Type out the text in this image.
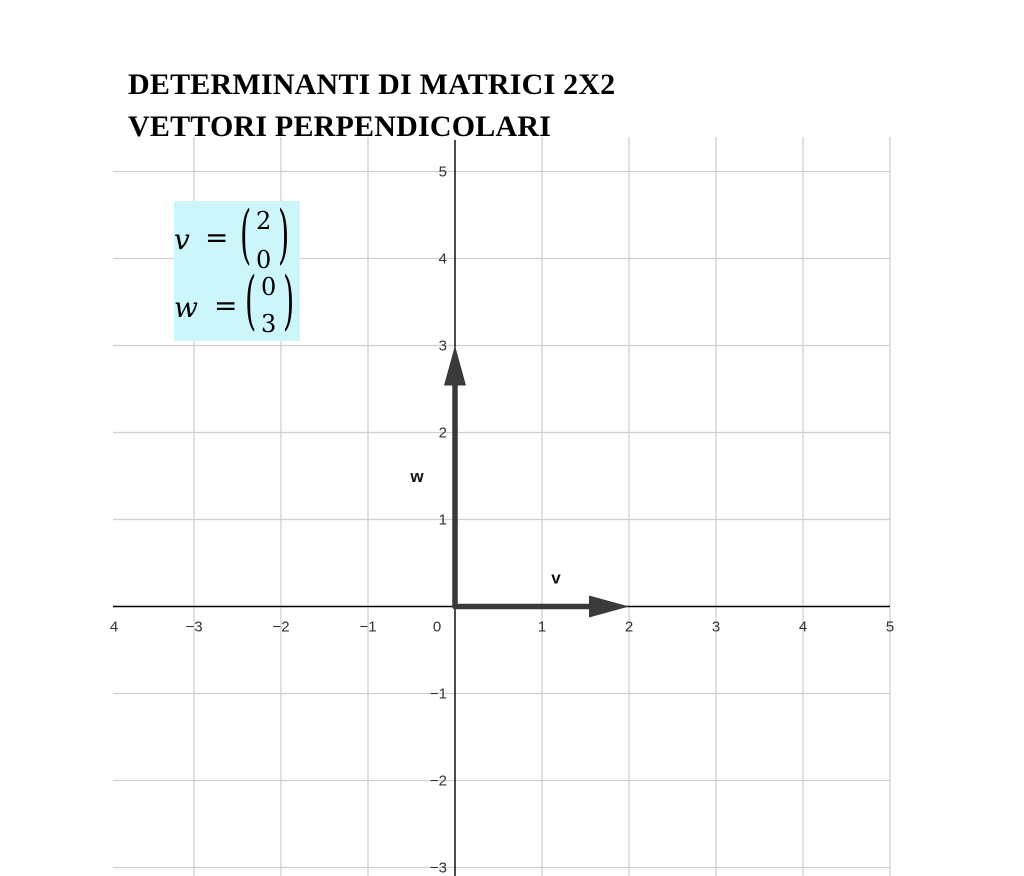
4	−3	−2	−1	0	1	2	3	4	5
5
4
3
2
1
−1
−2
−3
v
w
DETERMINANTI DI MATRICI 2X2
VETTORI PERPENDICOLARI
v = ( 2
0 )
w = ( 0
3 )
